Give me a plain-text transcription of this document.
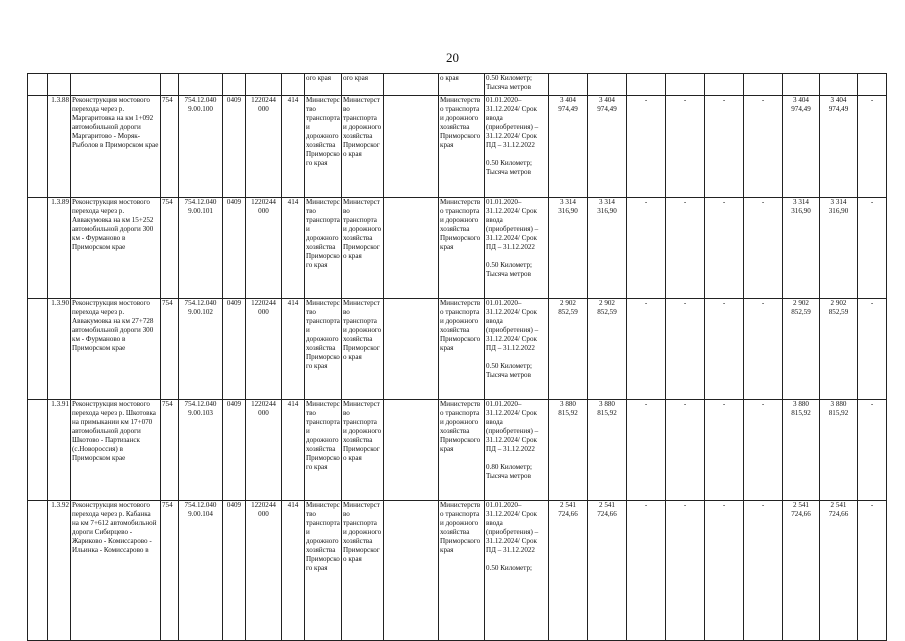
20
								ого края	ого края		о края	0.50 Километр;
Тысяча метров									
	1.3.88	Реконструкция мостового перехода через р. Маргаритовка на км 1+092 автомобильной дороги Маргаритово - Моряк-Рыболов в Приморском крае	754	754.12.040 9.00.100	0409	1220244 000	414	Министерство транспорта и дорожного хозяйства Приморского края	Министерство транспорта и дорожного хозяйства Приморского края		Министерство транспорта и дорожного хозяйства Приморского края	01.01.2020–31.12.2024/ Срок ввода (приобретения) – 31.12.2024/ Срок ПД – 31.12.2022

0.50 Километр;
Тысяча метров	3 404 974,49	3 404 974,49	-	-	-	-	3 404 974,49	3 404 974,49	-
	1.3.89	Реконструкция мостового перехода через р. Аввакумовка на км 15+252 автомобильной дороги 300 км - Фурманово в Приморском крае	754	754.12.040 9.00.101	0409	1220244 000	414	Министерство транспорта и дорожного хозяйства Приморского края	Министерство транспорта и дорожного хозяйства Приморского края		Министерство транспорта и дорожного хозяйства Приморского края	01.01.2020–31.12.2024/ Срок ввода (приобретения) – 31.12.2024/ Срок ПД – 31.12.2022

0.50 Километр;
Тысяча метров	3 314 316,90	3 314 316,90	-	-	-	-	3 314 316,90	3 314 316,90	-
	1.3.90	Реконструкция мостового перехода через р. Аввакумовка на км 27+728 автомобильной дороги 300 км - Фурманово в Приморском крае	754	754.12.040 9.00.102	0409	1220244 000	414	Министерство транспорта и дорожного хозяйства Приморского края	Министерство транспорта и дорожного хозяйства Приморского края		Министерство транспорта и дорожного хозяйства Приморского края	01.01.2020–31.12.2024/ Срок ввода (приобретения) – 31.12.2024/ Срок ПД – 31.12.2022

0.50 Километр;
Тысяча метров	2 902 852,59	2 902 852,59	-	-	-	-	2 902 852,59	2 902 852,59	-
	1.3.91	Реконструкция мостового перехода через р. Шкотовка на примыкании км 17+070 автомобильной дороги Шкотово - Партизанск (с.Новороссия) в Приморском крае	754	754.12.040 9.00.103	0409	1220244 000	414	Министерство транспорта и дорожного хозяйства Приморского края	Министерство транспорта и дорожного хозяйства Приморского края		Министерство транспорта и дорожного хозяйства Приморского края	01.01.2020–31.12.2024/ Срок ввода (приобретения) – 31.12.2024/ Срок ПД – 31.12.2022

0.80 Километр;
Тысяча метров	3 880 815,92	3 880 815,92	-	-	-	-	3 880 815,92	3 880 815,92	-
	1.3.92	Реконструкция мостового перехода через р. Кабанка на км 7+612 автомобильной дороги Сибирцево - Жариково - Комиссарово - Ильинка - Комиссарово в	754	754.12.040 9.00.104	0409	1220244 000	414	Министерство транспорта и дорожного хозяйства Приморского края	Министерство транспорта и дорожного хозяйства Приморского края		Министерство транспорта и дорожного хозяйства Приморского края	01.01.2020–31.12.2024/ Срок ввода (приобретения) – 31.12.2024/ Срок ПД – 31.12.2022

0.50 Километр;	2 541 724,66	2 541 724,66	-	-	-	-	2 541 724,66	2 541 724,66	-
